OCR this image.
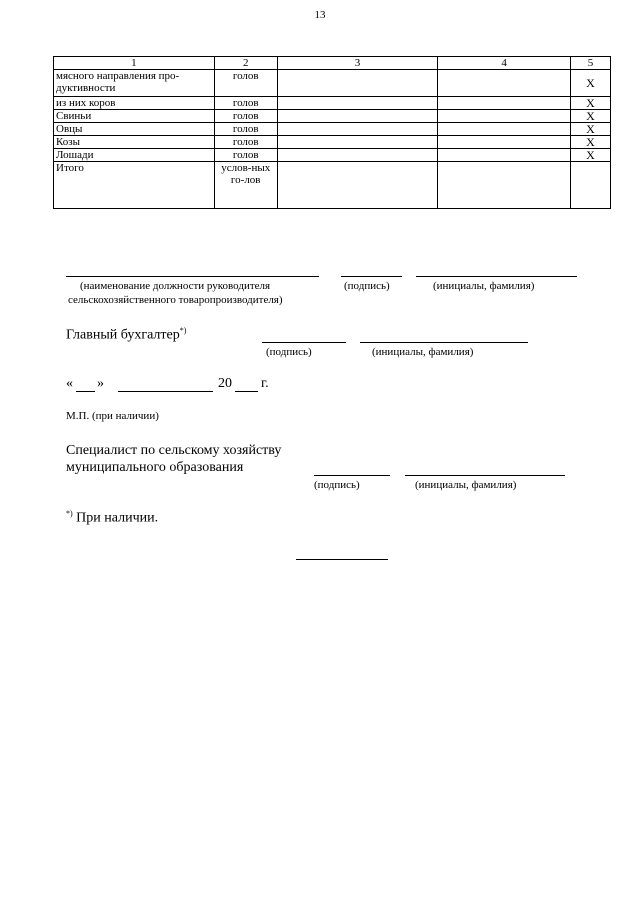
13
1	2	3	4	5
мясного направления про-дуктивности	голов			Х
из них коров	голов			Х
Свиньи	голов			Х
Овцы	голов			Х
Козы	голов			Х
Лошади	голов			Х
Итого	услов-ных го-лов			
(наименование должности руководителя
сельскохозяйственного товаропроизводителя)
(подпись)	(инициалы, фамилия)
Главный бухгалтер*)
(подпись)	(инициалы, фамилия)
« »	20 г.
М.П. (при наличии)
Специалист по сельскому хозяйству
муниципального образования
(подпись)	(инициалы, фамилия)
*) При наличии.
